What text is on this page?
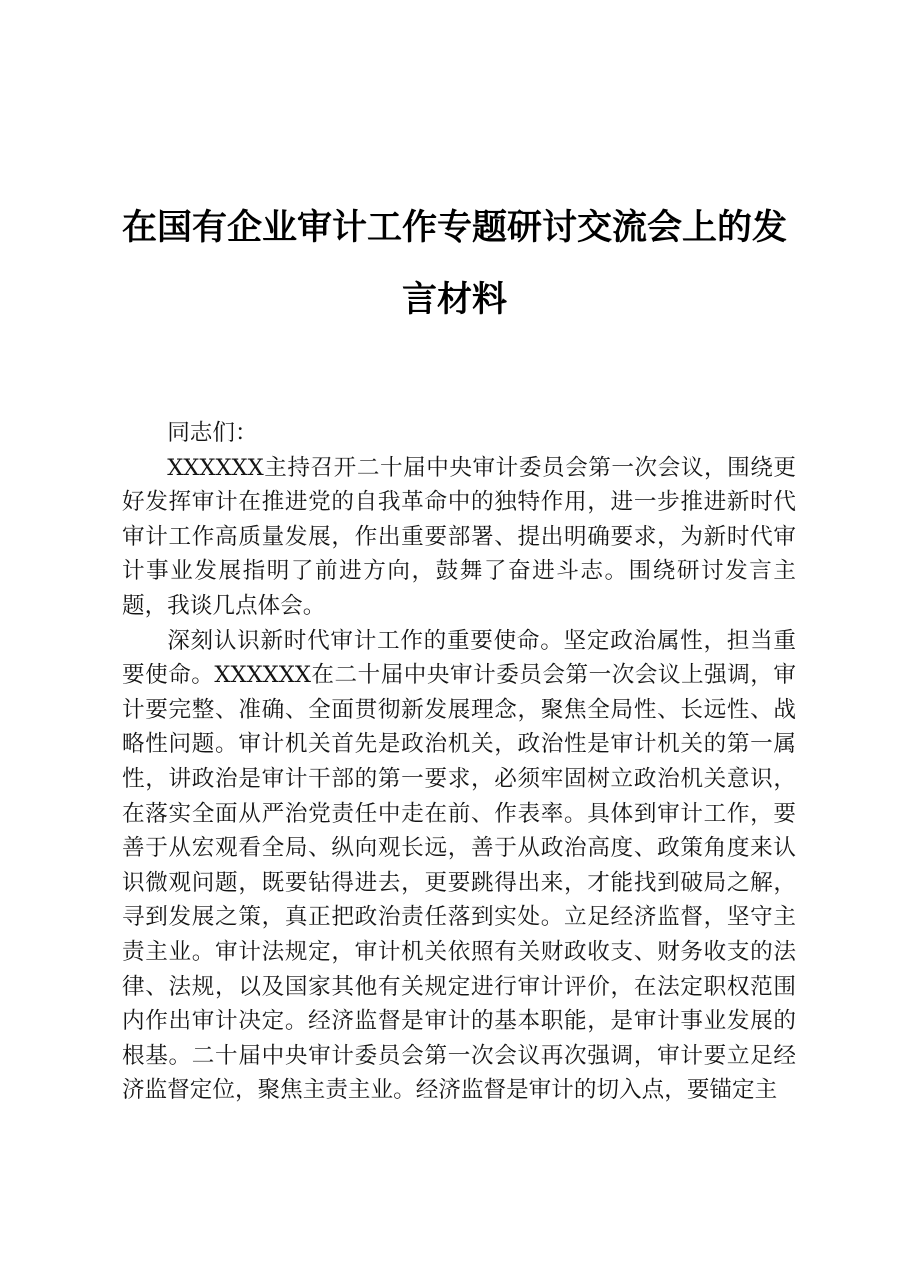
在国有企业审计工作专题研讨交流会上的发言材料

同志们：

XXXXXX主持召开二十届中央审计委员会第一次会议，围绕更好发挥审计在推进党的自我革命中的独特作用，进一步推进新时代审计工作高质量发展，作出重要部署、提出明确要求，为新时代审计事业发展指明了前进方向，鼓舞了奋进斗志。围绕研讨发言主题，我谈几点体会。

深刻认识新时代审计工作的重要使命。坚定政治属性，担当重要使命。XXXXXX在二十届中央审计委员会第一次会议上强调，审计要完整、准确、全面贯彻新发展理念，聚焦全局性、长远性、战略性问题。审计机关首先是政治机关，政治性是审计机关的第一属性，讲政治是审计干部的第一要求，必须牢固树立政治机关意识，在落实全面从严治党责任中走在前、作表率。具体到审计工作，要善于从宏观看全局、纵向观长远，善于从政治高度、政策角度来认识微观问题，既要钻得进去，更要跳得出来，才能找到破局之解，寻到发展之策，真正把政治责任落到实处。立足经济监督，坚守主责主业。审计法规定，审计机关依照有关财政收支、财务收支的法律、法规，以及国家其他有关规定进行审计评价，在法定职权范围内作出审计决定。经济监督是审计的基本职能，是审计事业发展的根基。二十届中央审计委员会第一次会议再次强调，审计要立足经济监督定位，聚焦主责主业。经济监督是审计的切入点，要锚定主
